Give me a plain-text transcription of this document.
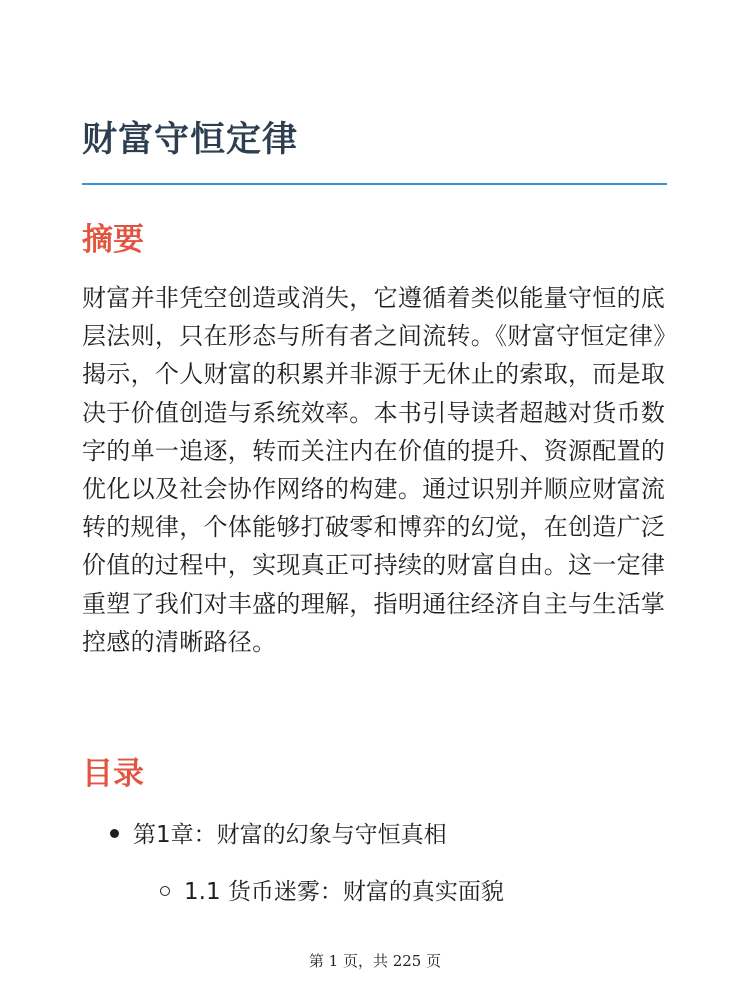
财富守恒定律
摘要

财富并非凭空创造或消失，它遵循着类似能量守恒的底层法则，只在形态与所有者之间流转。《财富守恒定律》揭示，个人财富的积累并非源于无休止的索取，而是取决于价值创造与系统效率。本书引导读者超越对货币数字的单一追逐，转而关注内在价值的提升、资源配置的优化以及社会协作网络的构建。通过识别并顺应财富流转的规律，个体能够打破零和博弈的幻觉，在创造广泛价值的过程中，实现真正可持续的财富自由。这一定律重塑了我们对丰盛的理解，指明通往经济自主与生活掌控感的清晰路径。

目录
第1章：财富的幻象与守恒真相
1.1 货币迷雾：财富的真实面貌
第 1 页，共 225 页
